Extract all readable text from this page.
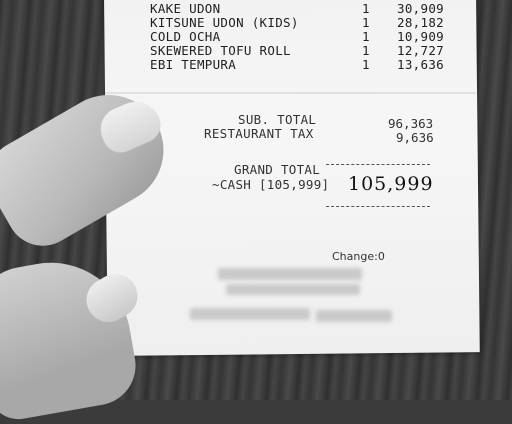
KAKE UDON	1 30,909
KITSUNE UDON (KIDS)	1 28,182
COLD OCHA	1 10,909
SKEWERED TOFU ROLL	1 12,727
EBI TEMPURA	1 13,636
SUB. TOTAL	96,363
RESTAURANT TAX	9,636
GRAND TOTAL
~CASH [105,999] 105,999
Change:0
